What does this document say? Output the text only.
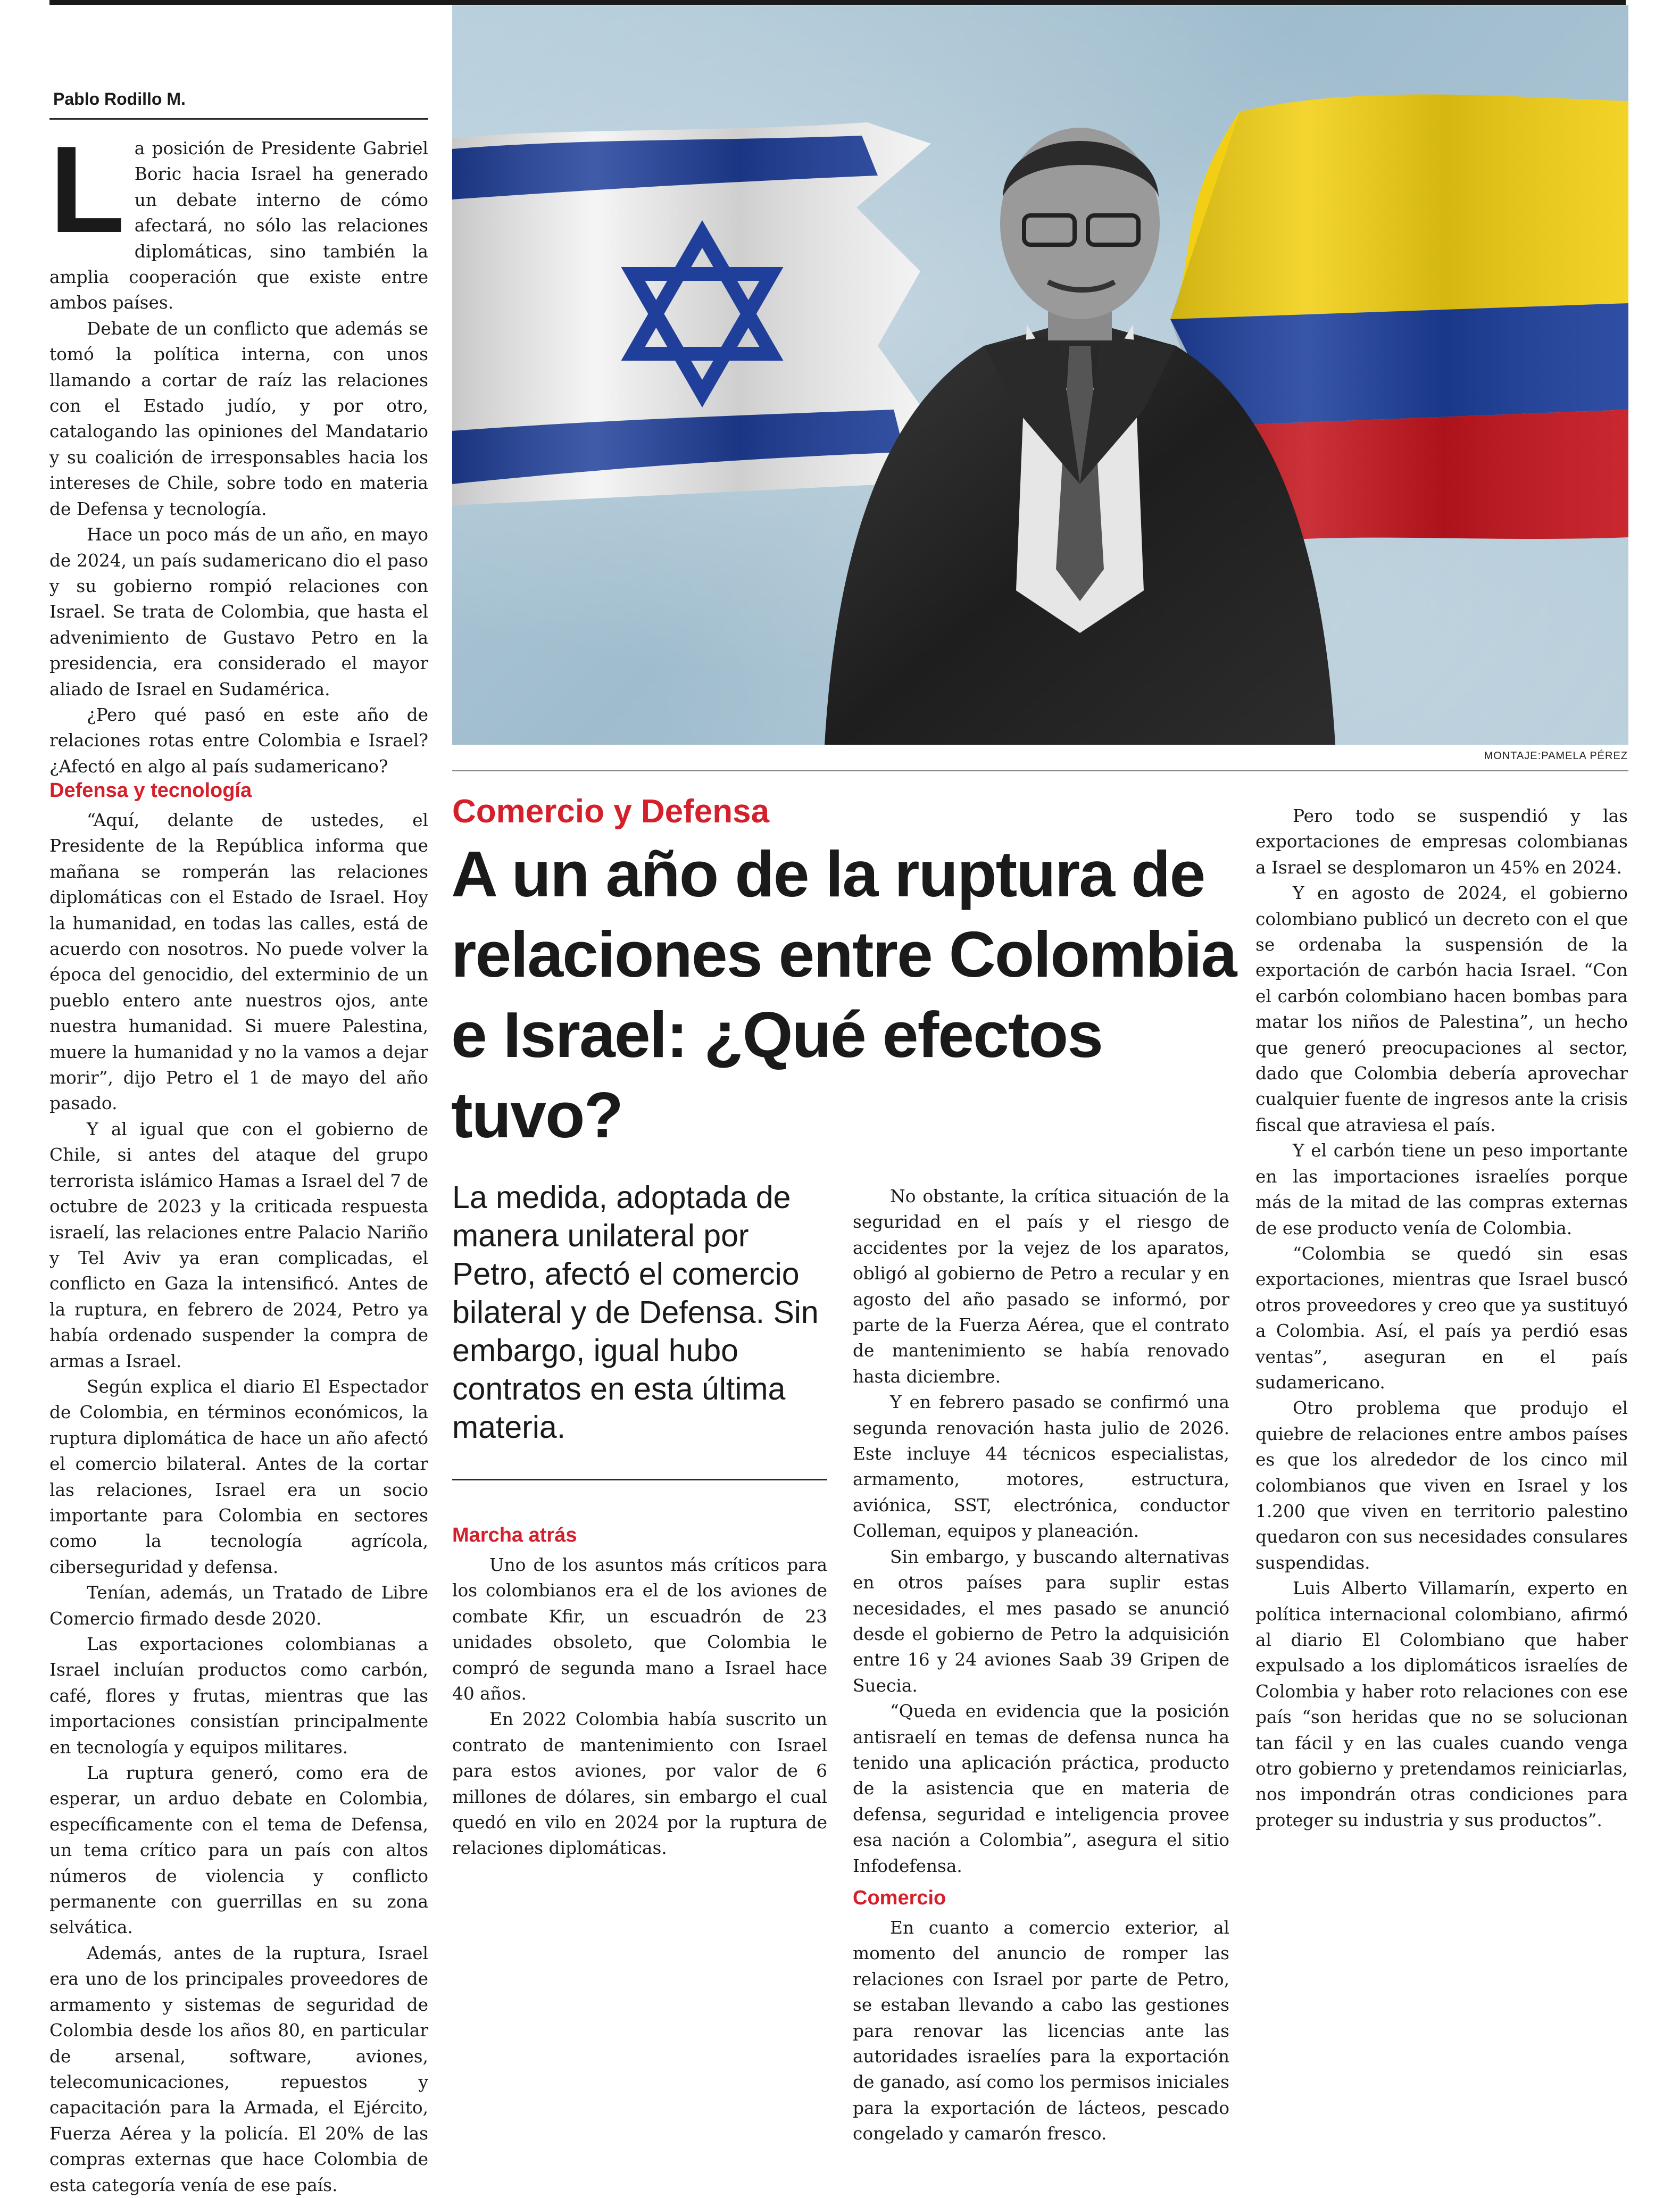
Pablo Rodillo M.
L a posición de Presidente Gabriel Boric hacia Israel ha generado un debate interno de cómo afectará, no sólo las relaciones diplomáticas, sino también la amplia cooperación que existe entre ambos países.

Debate de un conflicto que además se tomó la política interna, con unos llamando a cortar de raíz las relaciones con el Estado judío, y por otro, catalogando las opiniones del Mandatario y su coalición de irresponsables hacia los intereses de Chile, sobre todo en materia de Defensa y tecnología.

Hace un poco más de un año, en mayo de 2024, un país sudamericano dio el paso y su gobierno rompió relaciones con Israel. Se trata de Colombia, que hasta el advenimiento de Gustavo Petro en la presidencia, era considerado el mayor aliado de Israel en Sudamérica.

¿Pero qué pasó en este año de relaciones rotas entre Colombia e Israel? ¿Afectó en algo al país sudamericano?

Defensa y tecnología

“Aquí, delante de ustedes, el Presidente de la República informa que mañana se romperán las relaciones diplomáticas con el Estado de Israel. Hoy la humanidad, en todas las calles, está de acuerdo con nosotros. No puede volver la época del genocidio, del exterminio de un pueblo entero ante nuestros ojos, ante nuestra humanidad. Si muere Palestina, muere la humanidad y no la vamos a dejar morir”, dijo Petro el 1 de mayo del año pasado.

Y al igual que con el gobierno de Chile, si antes del ataque del grupo terrorista islámico Hamas a Israel del 7 de octubre de 2023 y la criticada respuesta israelí, las relaciones entre Palacio Nariño y Tel Aviv ya eran complicadas, el conflicto en Gaza la intensificó. Antes de la ruptura, en febrero de 2024, Petro ya había ordenado suspender la compra de armas a Israel.

Según explica el diario El Espectador de Colombia, en términos económicos, la ruptura diplomática de hace un año afectó el comercio bilateral. Antes de la cortar las relaciones, Israel era un socio importante para Colombia en sectores como la tecnología agrícola, ciberseguridad y defensa.

Tenían, además, un Tratado de Libre Comercio firmado desde 2020.

Las exportaciones colombianas a Israel incluían productos como carbón, café, flores y frutas, mientras que las importaciones consistían principalmente en tecnología y equipos militares.

La ruptura generó, como era de esperar, un arduo debate en Colombia, específicamente con el tema de Defensa, un tema crítico para un país con altos números de violencia y conflicto permanente con guerrillas en su zona selvática.

Además, antes de la ruptura, Israel era uno de los principales proveedores de armamento y sistemas de seguridad de Colombia desde los años 80, en particular de arsenal, software, aviones, telecomunicaciones, repuestos y capacitación para la Armada, el Ejército, Fuerza Aérea y la policía. El 20% de las compras externas que hace Colombia de esta categoría venía de ese país.

MONTAJE:PAMELA PÉREZ
Comercio y Defensa
A un año de la ruptura de relaciones entre Colombia e Israel: ¿Qué efectos tuvo?

La medida, adoptada de manera unilateral por Petro, afectó el comercio bilateral y de Defensa. Sin embargo, igual hubo contratos en esta última materia.

Marcha atrás

Uno de los asuntos más críticos para los colombianos era el de los aviones de combate Kfir, un escuadrón de 23 unidades obsoleto, que Colombia le compró de segunda mano a Israel hace 40 años.

En 2022 Colombia había suscrito un contrato de mantenimiento con Israel para estos aviones, por valor de 6 millones de dólares, sin embargo el cual quedó en vilo en 2024 por la ruptura de relaciones diplomáticas.

No obstante, la crítica situación de la seguridad en el país y el riesgo de accidentes por la vejez de los aparatos, obligó al gobierno de Petro a recular y en agosto del año pasado se informó, por parte de la Fuerza Aérea, que el contrato de mantenimiento se había renovado hasta diciembre.

Y en febrero pasado se confirmó una segunda renovación hasta julio de 2026. Este incluye 44 técnicos especialistas, armamento, motores, estructura, aviónica, SST, electrónica, conductor Colleman, equipos y planeación.

Sin embargo, y buscando alternativas en otros países para suplir estas necesidades, el mes pasado se anunció desde el gobierno de Petro la adquisición entre 16 y 24 aviones Saab 39 Gripen de Suecia.

“Queda en evidencia que la posición antisraelí en temas de defensa nunca ha tenido una aplicación práctica, producto de la asistencia que en materia de defensa, seguridad e inteligencia provee esa nación a Colombia”, asegura el sitio Infodefensa.

Comercio

En cuanto a comercio exterior, al momento del anuncio de romper las relaciones con Israel por parte de Petro, se estaban llevando a cabo las gestiones para renovar las licencias ante las autoridades israelíes para la exportación de ganado, así como los permisos iniciales para la exportación de lácteos, pescado congelado y camarón fresco.

Pero todo se suspendió y las exportaciones de empresas colombianas a Israel se desplomaron un 45% en 2024.

Y en agosto de 2024, el gobierno colombiano publicó un decreto con el que se ordenaba la suspensión de la exportación de carbón hacia Israel. “Con el carbón colombiano hacen bombas para matar los niños de Palestina”, un hecho que generó preocupaciones al sector, dado que Colombia debería aprovechar cualquier fuente de ingresos ante la crisis fiscal que atraviesa el país.

Y el carbón tiene un peso importante en las importaciones israelíes porque más de la mitad de las compras externas de ese producto venía de Colombia.

“Colombia se quedó sin esas exportaciones, mientras que Israel buscó otros proveedores y creo que ya sustituyó a Colombia. Así, el país ya perdió esas ventas”, aseguran en el país sudamericano.

Otro problema que produjo el quiebre de relaciones entre ambos países es que los alrededor de los cinco mil colombianos que viven en Israel y los 1.200 que viven en territorio palestino quedaron con sus necesidades consulares suspendidas.

Luis Alberto Villamarín, experto en política internacional colombiano, afirmó al diario El Colombiano que haber expulsado a los diplomáticos israelíes de Colombia y haber roto relaciones con ese país “son heridas que no se solucionan tan fácil y en las cuales cuando venga otro gobierno y pretendamos reiniciarlas, nos impondrán otras condiciones para proteger su industria y sus productos”.
